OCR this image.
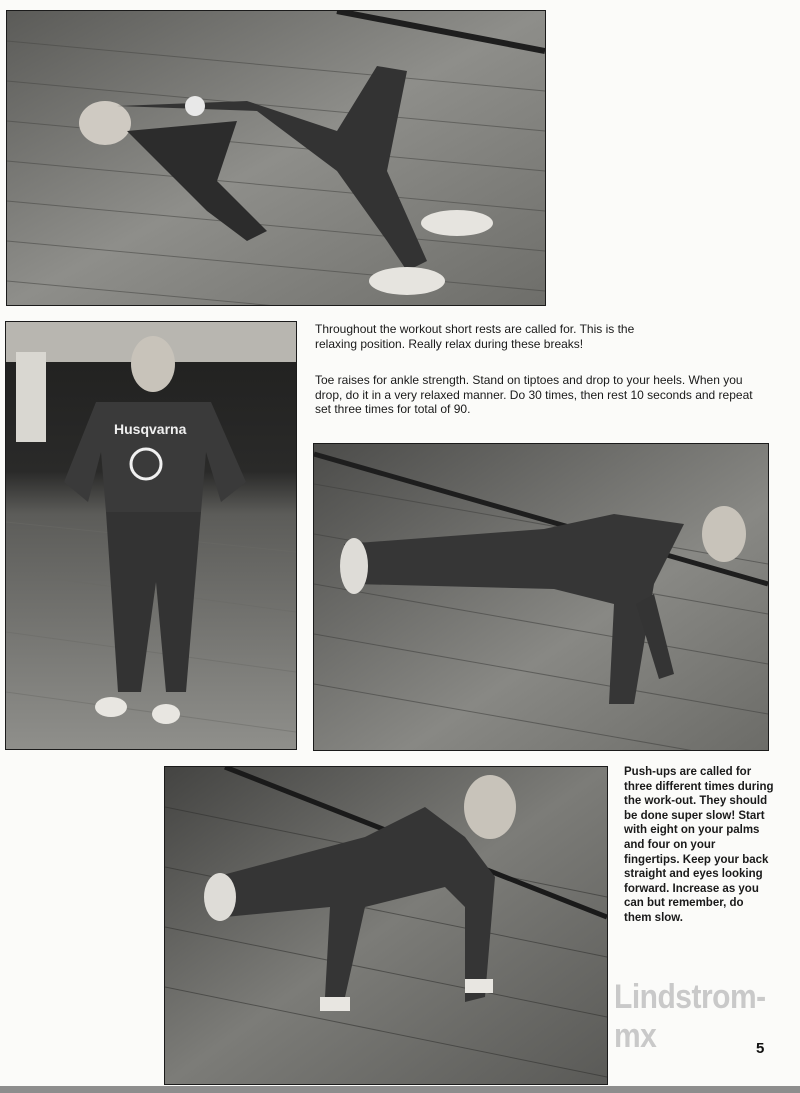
Throughout the workout short rests are called for. This is the relaxing position. Really relax during these breaks!

Toe raises for ankle strength. Stand on tiptoes and drop to your heels. When you drop, do it in a very relaxed manner. Do 30 times, then rest 10 seconds and repeat set three times for total of 90.

Husqvarna

Push-ups are called for three different times during the work-out. They should be done super slow! Start with eight on your palms and four on your fingertips. Keep your back straight and eyes looking forward. Increase as you can but remember, do them slow.

Lindstrom-mx	5
